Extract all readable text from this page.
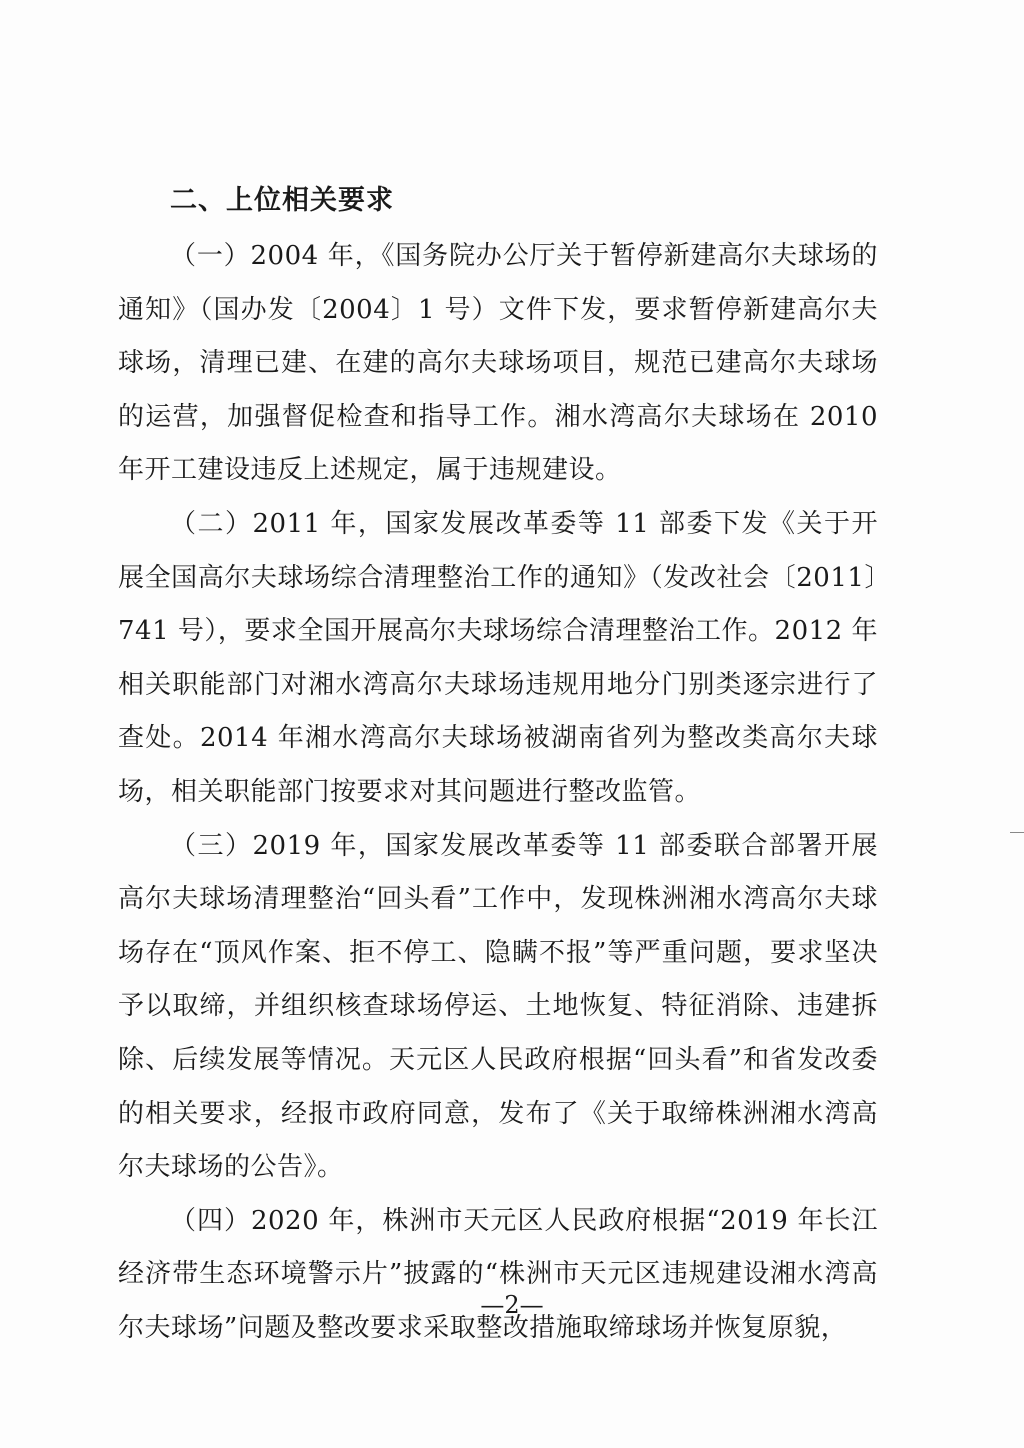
二、上位相关要求

（一）2004 年，《国务院办公厅关于暂停新建高尔夫球场的通知》（国办发〔2004〕1 号）文件下发，要求暂停新建高尔夫球场，清理已建、在建的高尔夫球场项目，规范已建高尔夫球场的运营，加强督促检查和指导工作。湘水湾高尔夫球场在 2010 年开工建设违反上述规定，属于违规建设。

（二）2011 年，国家发展改革委等 11 部委下发《关于开展全国高尔夫球场综合清理整治工作的通知》（发改社会〔2011〕741 号），要求全国开展高尔夫球场综合清理整治工作。2012 年相关职能部门对湘水湾高尔夫球场违规用地分门别类逐宗进行了查处。2014 年湘水湾高尔夫球场被湖南省列为整改类高尔夫球场，相关职能部门按要求对其问题进行整改监管。

（三）2019 年，国家发展改革委等 11 部委联合部署开展高尔夫球场清理整治“回头看”工作中，发现株洲湘水湾高尔夫球场存在“顶风作案、拒不停工、隐瞒不报”等严重问题，要求坚决予以取缔，并组织核查球场停运、土地恢复、特征消除、违建拆除、后续发展等情况。天元区人民政府根据“回头看”和省发改委的相关要求，经报市政府同意，发布了《关于取缔株洲湘水湾高尔夫球场的公告》。

（四）2020 年，株洲市天元区人民政府根据“2019 年长江经济带生态环境警示片”披露的“株洲市天元区违规建设湘水湾高尔夫球场”问题及整改要求采取整改措施取缔球场并恢复原貌，

—2—
